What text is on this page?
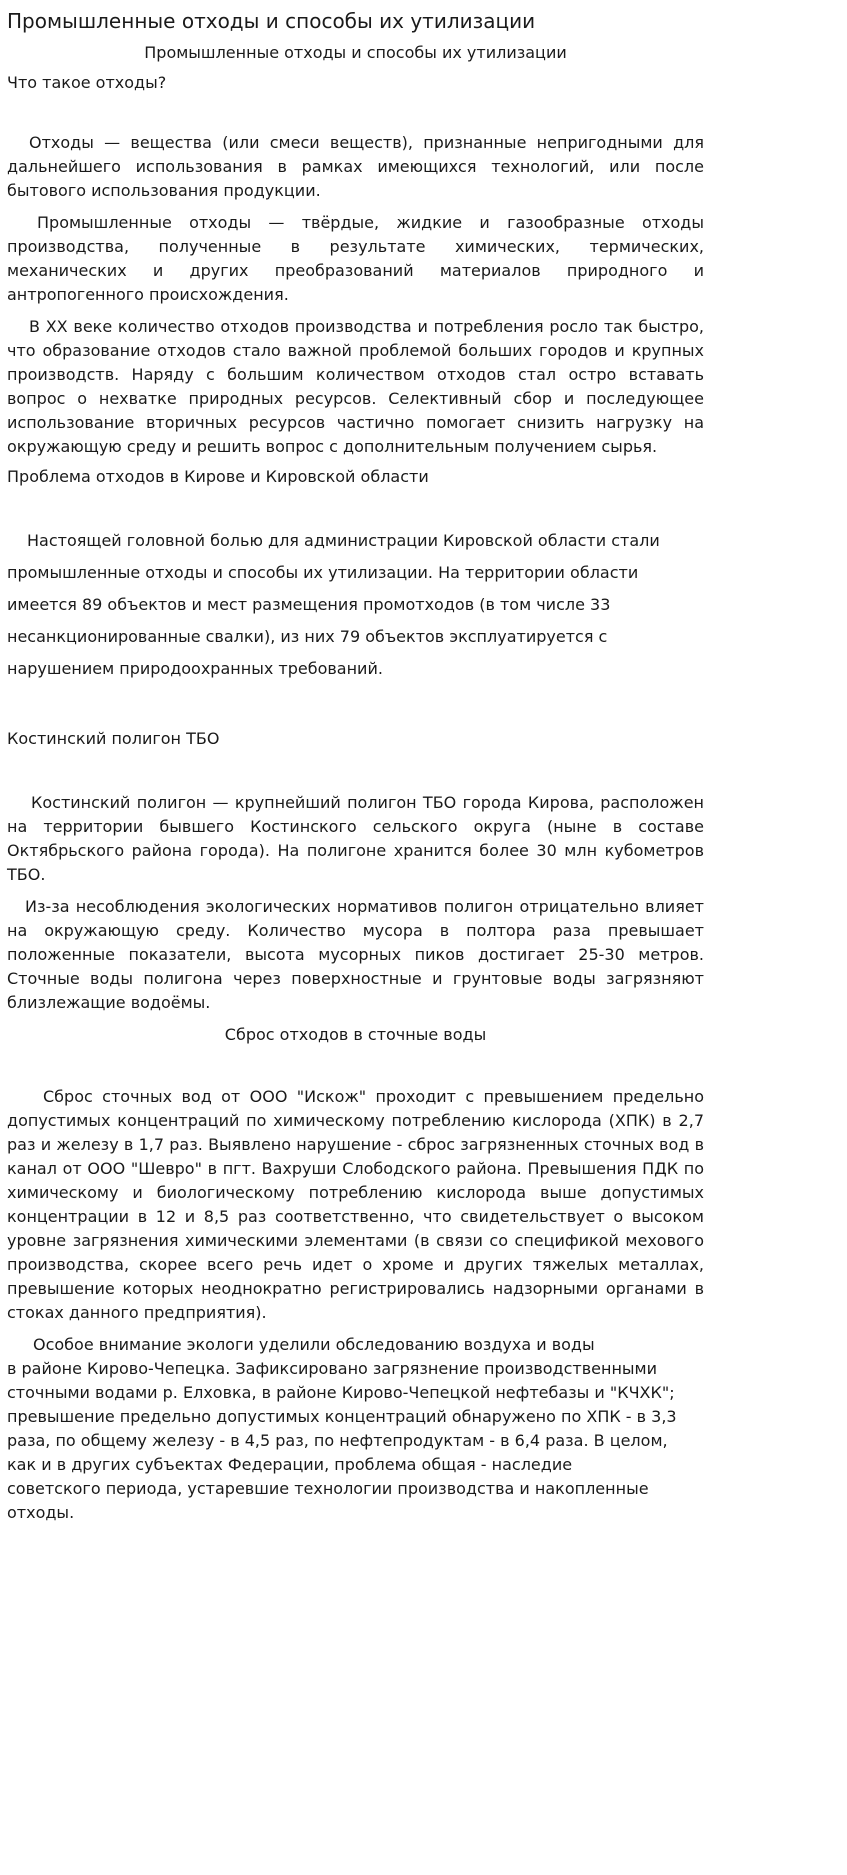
Промышленные отходы и способы их утилизации
Промышленные отходы и способы их утилизации
Что такое отходы?

Отходы — вещества (или смеси веществ), признанные непригодными для дальнейшего использования в рамках имеющихся технологий, или после бытового использования продукции.

Промышленные отходы — твёрдые, жидкие и газообразные отходы производства, полученные в результате химических, термических, механических и других преобразований материалов природного и антропогенного происхождения.

В XX веке количество отходов производства и потребления росло так быстро, что образование отходов стало важной проблемой больших городов и крупных производств. Наряду с большим количеством отходов стал остро вставать вопрос о нехватке природных ресурсов. Селективный сбор и последующее использование вторичных ресурсов частично помогает снизить нагрузку на окружающую среду и решить вопрос с дополнительным получением сырья.

Проблема отходов в Кирове и Кировской области

Настоящей головной болью для администрации Кировской области стали промышленные отходы и способы их утилизации. На территории области имеется 89 объектов и мест размещения промотходов (в том числе 33 несанкционированные свалки), из них 79 объектов эксплуатируется с нарушением природоохранных требований.

Костинский полигон ТБО

Костинский полигон — крупнейший полигон ТБО города Кирова, расположен на территории бывшего Костинского сельского округа (ныне в составе Октябрьского района города). На полигоне хранится более 30 млн кубометров ТБО.

Из-за несоблюдения экологических нормативов полигон отрицательно влияет на окружающую среду. Количество мусора в полтора раза превышает положенные показатели, высота мусорных пиков достигает 25-30 метров. Сточные воды полигона через поверхностные и грунтовые воды загрязняют близлежащие водоёмы.

Сброс отходов в сточные воды

Сброс сточных вод от ООО "Искож" проходит с превышением предельно допустимых концентраций по химическому потреблению кислорода (ХПК) в 2,7 раз и железу в 1,7 раз. Выявлено нарушение - сброс загрязненных сточных вод в канал от ООО "Шевро" в пгт. Вахруши Слободского района. Превышения ПДК по химическому и биологическому потреблению кислорода выше допустимых концентрации в 12 и 8,5 раз соответственно, что свидетельствует о высоком уровне загрязнения химическими элементами (в связи со спецификой мехового производства, скорее всего речь идет о хроме и других тяжелых металлах, превышение которых неоднократно регистрировались надзорными органами в стоках данного предприятия).

Особое внимание экологи уделили обследованию воздуха и воды

в районе Кирово-Чепецка. Зафиксировано загрязнение производственными

сточными водами р. Елховка, в районе Кирово-Чепецкой нефтебазы и "КЧХК";

превышение предельно допустимых концентраций обнаружено по ХПК - в 3,3

раза, по общему железу - в 4,5 раз, по нефтепродуктам - в 6,4 раза. В целом,

как и в других субъектах Федерации, проблема общая - наследие

советского периода, устаревшие технологии производства и накопленные

отходы.
